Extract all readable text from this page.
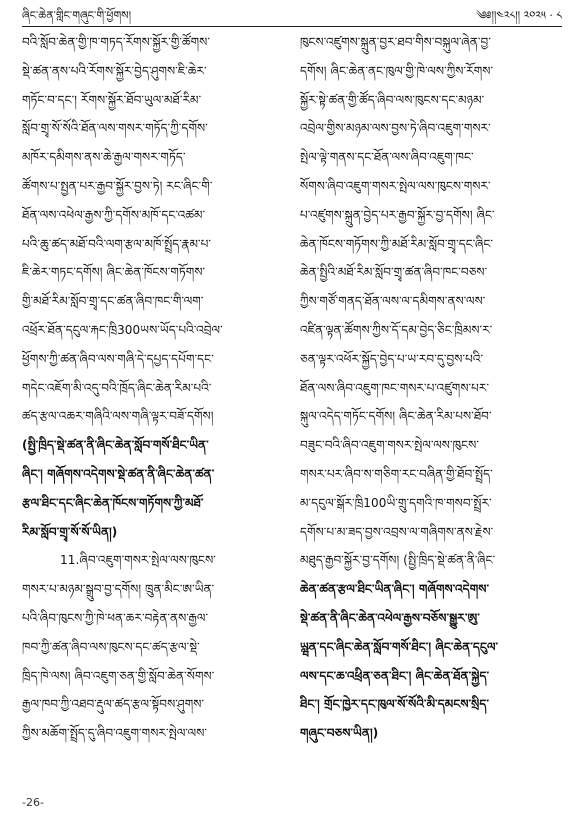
ཞིང་ཆེན་གླིང་གཞུང་གི་ཕྱོགས།	༄༅།།༤༢༨།། ༢༠༢༥ · ༨
བའི་སློབ་ཆེན་གྱི་ཁ་གཏད་རོགས་སྐྱོར་གྱི་ཚོགས་
སྡེ་ཚན་ནས་པའི་རོགས་སྐྱོར་བྱེད་ཤུགས་ཇི་ཆེར་
གཏོང་བ་དང་། རོགས་སྐྱོར་ཐོབ་ཡུལ་མཐོ་རིམ་
སློབ་གྲྭ་སོ་སོའི་ཐོན་ལས་གསར་གཏོད་ཀྱི་དགོས་
མཁོར་དམིགས་ནས་ཆེ་རྒྱལ་གསར་གཏོད་
ཚོགས་པ་སྤྱན་པར་རྒྱབ་སྐྱོར་བྱས་ཏེ། རང་ཞིང་གི་
ཐོན་ལས་འཕེལ་རྒྱས་ཀྱི་དགོས་མཁོ་དང་འཚམ་
པའི་ཆུ་ཚད་མཐོ་བའི་ལག་རྩལ་མཁོ་སྤྲོད་རྣམ་པ་
ཇི་ཆེར་གཏང་དགོས། ཞིང་ཆེན་ཁོངས་གཏོགས་
གྱི་མཐོ་རིམ་སློབ་གྲྭ་དང་ཚན་ཞིབ་ཁང་གི་ལག་
འཕྲོར་ཐོན་དངུལ་རྐང་ཁྲི300ཡས་ཡོད་པའི་འབྲེལ་
ཕྱོགས་ཀྱི་ཚན་ཞིབ་ལས་གཞི་དེ་དཔྱད་དཔོག་དང་
གདེང་འཇོག་མི་འདུ་བའི་ཁྲོད་ཞིང་ཆེན་རིམ་པའི་
ཚད་རྩལ་འཆར་གཞིའི་ལས་གཞི་ལྟར་བཟོ་དགོས།
(སྤྱི་ཁྲིད་སྡེ་ཚན་ནི་ཞིང་ཆེན་སློབ་གསོ་ཐིང་ཡིན་
ཞིང་། གཞོགས་འདེགས་སྡེ་ཚན་ནི་ཞིང་ཆེན་ཚན་
རྩལ་ཐིང་དང་ཞིང་ཆེན་ཁོངས་གཏོགས་ཀྱི་མཐོ་
རིམ་སློབ་གྲྭ་སོ་སོ་ཡིན།)
11.ཞིབ་འཇུག་གསར་སྤེལ་ལས་ཁུངས་
གསར་པ་མཉམ་སྒྲུབ་བྱ་དགོས། ཁྲུན་མིང་ཨ་ཡིན་
པའི་ཞིབ་ཁུངས་ཀྱི་ཁེ་ཕན་ཆར་བརྟེན་ནས་རྒྱལ་
ཁབ་ཀྱི་ཚན་ཞིབ་ལས་ཁུངས་དང་ཚད་རྩལ་སྡེ་
ཁྲིད་ཁེ་ལས། ཞིབ་འཇུག་ཅན་གྱི་སློབ་ཆེན་སོགས་
རྒྱལ་ཁབ་ཀྱི་འཐབ་རྡུལ་ཚད་རྩལ་སྟོབས་ཤུགས་
ཀྱིས་མཆོག་སྤྲོད་དུ་ཞིབ་འཇུག་གསར་སྤེལ་ལས་
ཁུངས་འཛུགས་སྐྲུན་བྱར་ཐབ་གིས་བསྐུལ་ཞེན་བྱ་
དགོས། ཞིང་ཆེན་ནང་ཁུལ་གྱི་ཁེ་ལས་ཀྱིས་རོགས་
སྐྱོར་སྟེ་ཚན་གྱི་ཚོད་ཞིབ་ལས་ཁུངས་དང་མཉམ་
འབྲེལ་གྱིས་མཉམ་ལས་བྱས་ཏེ་ཞིབ་འཇུག་གསར་
སྤེལ་ལྟེ་གནས་དང་ཐོན་ལས་ཞིབ་འཇུག་ཁང་
སོགས་ཞིབ་འཇུག་གསར་སྤེལ་ལས་ཁུངས་གསར་
པ་འཛུགས་སྐྲུན་བྱེད་པར་རྒྱབ་སྐྱོར་བྱ་དགོས། ཞིང་
ཆེན་ཁོངས་གཏོགས་ཀྱི་མཐོ་རིམ་སློབ་གྲྭ་དང་ཞིང་
ཆེན་སྤྱིའི་མཐོ་རིམ་སློབ་གྲྭ་ཚན་ཞིབ་ཁང་བཅས་
ཀྱིས་གཙོ་གནད་ཐོན་ལས་ལ་དམིགས་ནས་ལས་
འཛིན་ལྟན་ཚོགས་ཀྱིས་དོ་དམ་བྱེད་ཅིང་ཁྲིམས་ར་
ཅན་ལྟར་འཕོར་སྐྱོད་བྱེད་པ་ཡ་རབ་དུ་བྱས་པའི་
ཐོན་ལས་ཞིབ་འཇུག་ཁང་གསར་པ་འཛུགས་པར་
སྐུལ་འདེད་གཏོང་དགོས། ཞིང་ཆེན་རིམ་པས་ཐོབ་
བཟུང་བའི་ཞིབ་འཇུག་གསར་སྤེལ་ལས་ཁུངས་
གསར་པར་ཞིབ་ས་གཅིག་རང་བཞིན་གྱི་ཐོབ་སྤྲོད་
མ་དངུལ་སྒོར་ཁྲི100ཡི་གྲུ་དགའི་ཁ་གསབ་སྤྲོར་
དགོས་པ་མ་ཟད་བྱས་འབྲས་ལ་གཞིགས་ནས་རྗེས་
མཐུད་རྒྱབ་སྐྱོར་བྱ་དགོས། (སྤྱི་ཁྲིད་སྡེ་ཚན་ནི་ཞིང་
ཆེན་ཚན་རྩལ་ཐིང་ཡིན་ཞིང་། གཞོགས་འདེགས་
སྡེ་ཚན་ནི་ཞིང་ཆེན་འཕེལ་རྒྱས་བཅོས་སྒྱུར་ཨུ་
ཡྺན་དང་ཞིང་ཆེན་སློབ་གསོ་ཐིང་། ཞིང་ཆེན་དངུལ་
ལས་དང་ཆ་འཕྲིན་ཅན་ཐིང་། ཞིང་ཆེན་ཐོན་སྐྱེད་
ཐིང་། གྲོང་ཁྱེར་དང་ཁུལ་སོ་སོའི་མི་དམངས་སྲིད་
གཞུང་བཅས་ཡིན།)
-26-
